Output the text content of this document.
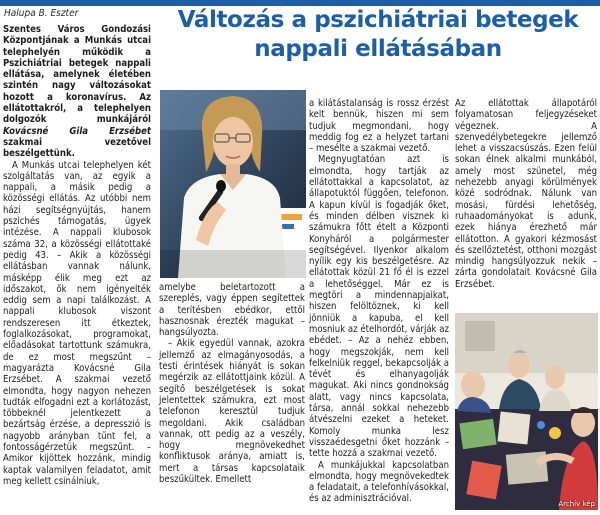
Halupa B. Eszter	Változás a pszichiátriai betegek nappali ellátásában

Szentes Város Gondozási Központjának a Munkás utcai telephelyén működik a Pszichiátriai betegek nappali ellátása, amelynek életében szintén nagy változásokat hozott a koronavírus. Az ellátottakról, a telephelyen dolgozók munkájáról Kovácsné Gila Erzsébet szakmai vezetővel beszélgettünk.

A Munkás utcai telephelyen két szolgáltatás van, az egyik a nappali, a másik pedig a közösségi ellátás. Az utóbbi nem házi segítségnyújtás, hanem pszichés támogatás, ügyek intézése. A nappali klubosok száma 32, a közösségi ellátottaké pedig 43. – Akik a közösségi ellátásban vannak nálunk, másképp élik meg ezt az időszakot, ők nem igényelték eddig sem a napi találkozást. A nappali klubosok viszont rendszeresen itt étkeztek, foglalkozásokat, programokat, előadásokat tartottunk számukra, de ez most megszűnt – magyarázta Kovácsné Gila Erzsébet. A szakmai vezető elmondta, hogy nagyon nehezen tudták elfogadni ezt a korlátozást, többeknél jelentkezett a bezártság érzése, a depresszió is nagyobb arányban tűnt fel, a fontosságérzetük megszűnt. – Amikor kijöttek hozzánk, mindig kaptak valamilyen feladatot, amit meg kellett csinálniuk,

amelybe beletartozott a szereplés, vagy éppen segítettek a terítésben ebédkor, ettől hasznosnak érezték magukat – hangsúlyozta.

– Akik egyedül vannak, azokra jellemző az elmagányosodás, a testi érintések hiányát is sokan megérzik az ellátottjaink közül. A segítő beszélgetések is sokat jelentettek számukra, ezt most telefonon keresztül tudjuk megoldani. Akik családban vannak, ott pedig az a veszély, hogy megnövekedhet konfliktusok aránya, amiatt is, mert a társas kapcsolataik beszűkültek. Emellett

a kilátástalanság is rossz érzést kelt bennük, hiszen mi sem tudjuk megmondani, hogy meddig fog ez a helyzet tartani – mesélte a szakmai vezető.

Megnyugtatóan azt is elmondta, hogy tartják az ellátottakkal a kapcsolatot, az állapotuktól függően, telefonon. A kapun kívül is fogadják őket, és minden délben visznek ki számukra főtt ételt a Központi Konyháról a polgármester segítségével. Ilyenkor alkalom nyílik egy kis beszélgetésre. Az ellátottak közül 21 fő él is ezzel a lehetőséggel. Már ez is megtöri a mindennapjaikat, hiszen felöltöznek, ki kell jönniük a kapuba, el kell mosniuk az ételhordót, várják az ebédet. – Az a nehéz ebben, hogy megszokják, nem kell felkelniük reggel, bekapcsolják a tévét és elhanyagolják magukat. Aki nincs gondnokság alatt, vagy nincs kapcsolata, társa, annál sokkal nehezebb átvészelni ezeket a heteket. Komoly munka lesz visszaédesgetni őket hozzánk – tette hozzá a szakmai vezető.

A munkájukkal kapcsolatban elmondta, hogy megnövekedtek a feladatait, a telefonhívásokkal, és az adminisztrációval.

Az ellátottak állapotáról folyamatosan feljegyzéseket végeznek. A szenvedélybetegekre jellemző lehet a visszacsúszás. Ezen felül sokan élnek alkalmi munkából, amely most szünetel, még nehezebb anyagi körülmények közé sodródnak. Nálunk van mosási, fürdési lehetőség, ruhaadományokat is adunk, ezek hiánya érezhető már ellátotton. A gyakori kézmosást és szellőztetést, otthoni mozgást mindig hangsúlyozzuk nekik – zárta gondolatait Kovácsné Gila Erzsébet.

Archív kép
